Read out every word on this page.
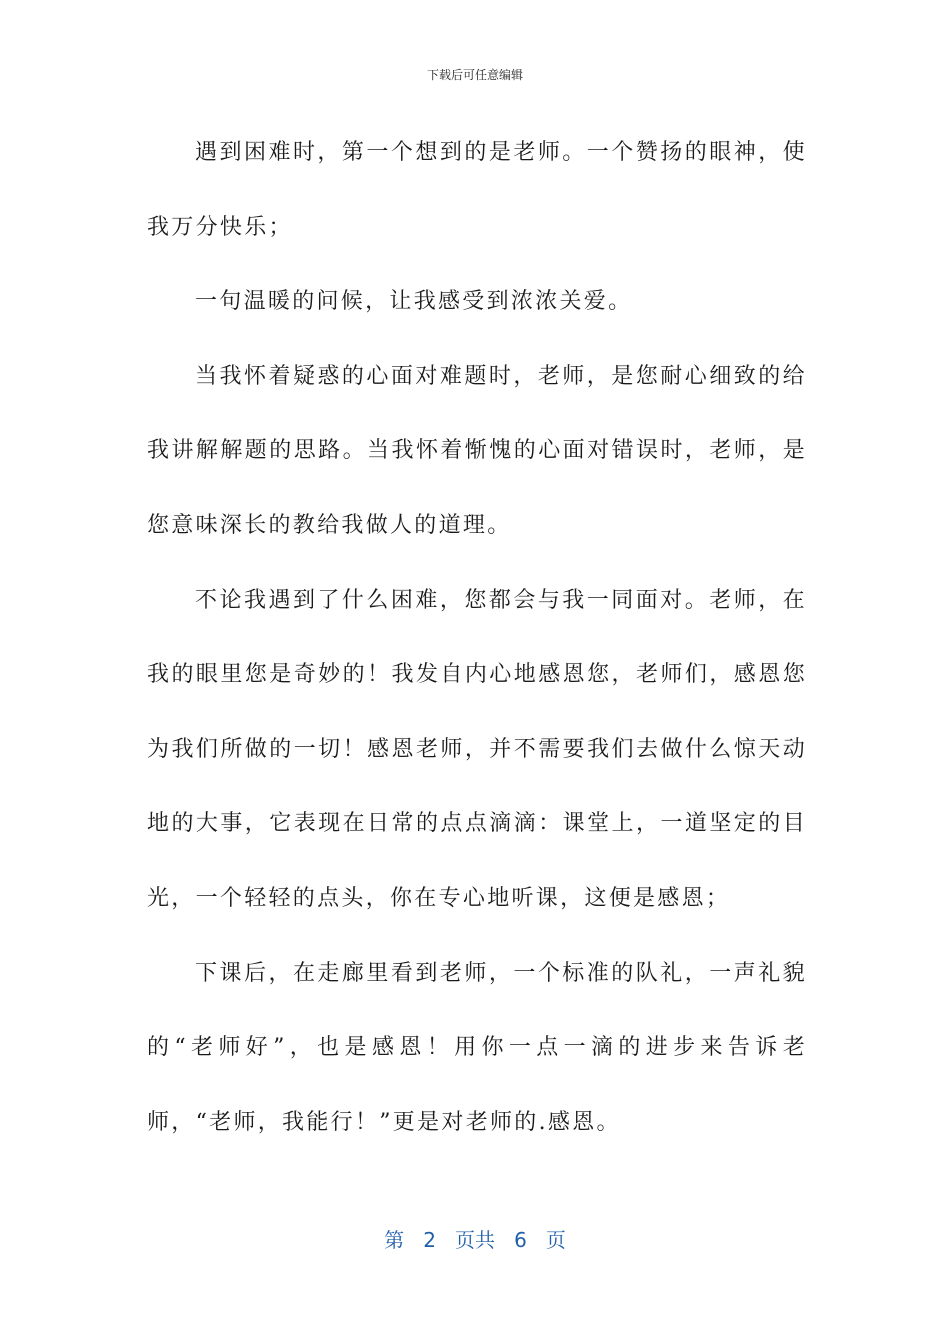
下载后可任意编辑

遇到困难时，第一个想到的是老师。一个赞扬的眼神，使我万分快乐；

一句温暖的问候，让我感受到浓浓关爱。

当我怀着疑惑的心面对难题时，老师，是您耐心细致的给我讲解解题的思路。当我怀着惭愧的心面对错误时，老师，是您意味深长的教给我做人的道理。

不论我遇到了什么困难，您都会与我一同面对。老师，在我的眼里您是奇妙的！我发自内心地感恩您，老师们，感恩您为我们所做的一切！感恩老师，并不需要我们去做什么惊天动地的大事，它表现在日常的点点滴滴：课堂上，一道坚定的目光，一个轻轻的点头，你在专心地听课，这便是感恩；

下课后，在走廊里看到老师，一个标准的队礼，一声礼貌的“老师好”，也是感恩！用你一点一滴的进步来告诉老师，“老师，我能行！”更是对老师的.感恩。

第 2 页共 6 页
